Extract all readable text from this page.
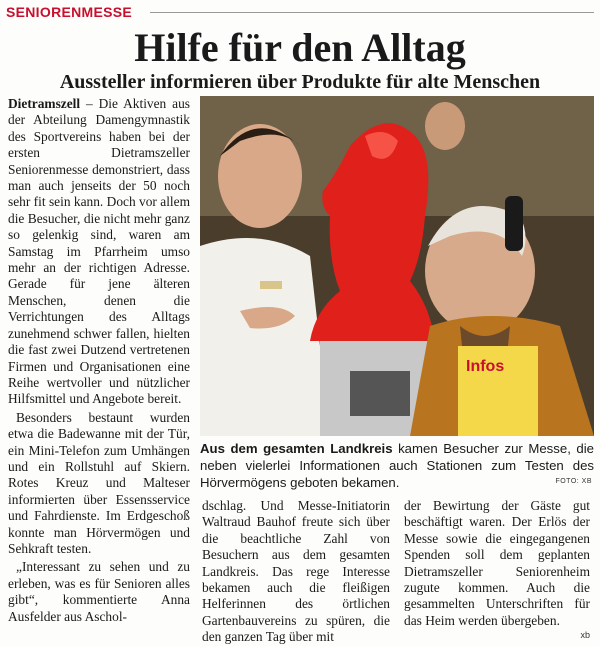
SENIORENMESSE
Hilfe für den Alltag
Aussteller informieren über Produkte für alte Menschen

Dietramszell – Die Aktiven aus der Abteilung Damengymnastik des Sportvereins haben bei der ersten Dietramszeller Seniorenmesse demonstriert, dass man auch jenseits der 50 noch sehr fit sein kann. Doch vor allem die Besucher, die nicht mehr ganz so gelenkig sind, waren am Samstag im Pfarrheim umso mehr an der richtigen Adresse. Gerade für jene älteren Menschen, denen die Verrichtungen des Alltags zunehmend schwer fallen, hielten die fast zwei Dutzend vertretenen Firmen und Organisationen eine Reihe wertvoller und nützlicher Hilfsmittel und Angebote bereit.

Besonders bestaunt wurden etwa die Badewanne mit der Tür, ein Mini-Telefon zum Umhängen und ein Rollstuhl auf Skiern. Rotes Kreuz und Malteser informierten über Essensservice und Fahrdienste. Im Erdgeschoß konnte man Hörvermögen und Sehkraft testen.

„Interessant zu sehen und zu erleben, was es für Senioren alles gibt“, kommentierte Anna Ausfelder aus Aschol-

Infos
Aus dem gesamten Landkreis kamen Besucher zur Messe, die neben vielerlei Informationen auch Stationen zum Testen des Hörvermögens geboten bekamen.	FOTO: XB

dschlag. Und Messe-Initiatorin Waltraud Bauhof freute sich über die beachtliche Zahl von Besuchern aus dem gesamten Landkreis. Das rege Interesse bekamen auch die fleißigen Helferinnen des örtlichen Gartenbauvereins zu spüren, die den ganzen Tag über mit

der Bewirtung der Gäste gut beschäftigt waren. Der Erlös der Messe sowie die eingegangenen Spenden soll dem geplanten Dietramszeller Seniorenheim zugute kommen. Auch die gesammelten Unterschriften für das Heim werden übergeben.

xb
